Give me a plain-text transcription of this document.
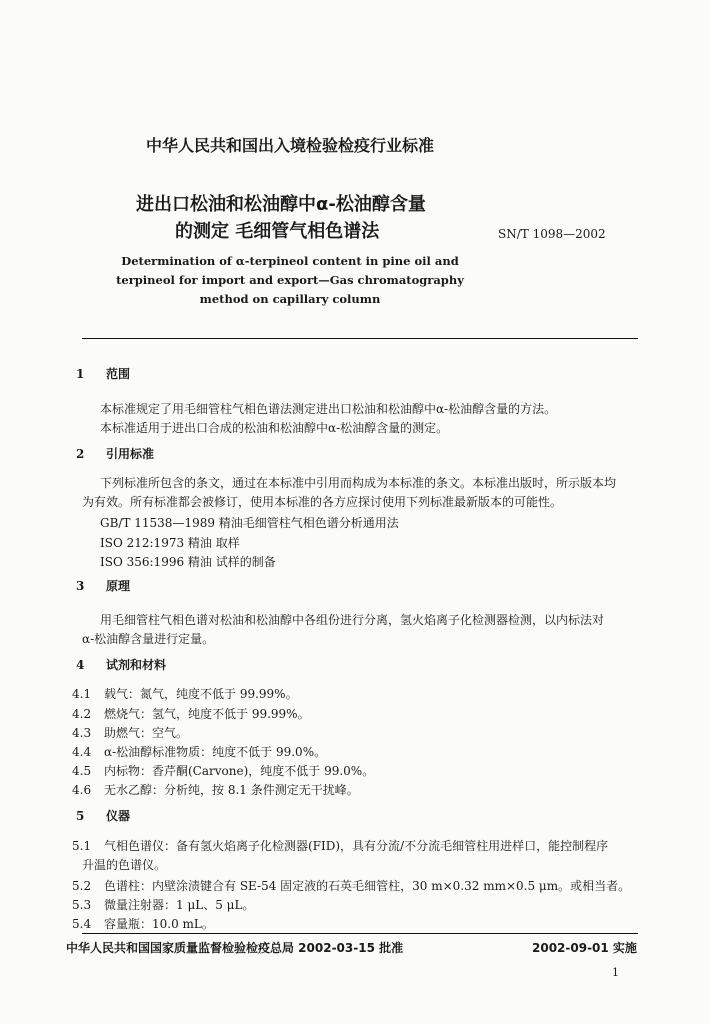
中华人民共和国出入境检验检疫行业标准
进出口松油和松油醇中α-松油醇含量
的测定 毛细管气相色谱法	SN/T 1098—2002
Determination of α-terpineol content in pine oil and
terpineol for import and export—Gas chromatography
method on capillary column
1 范围
本标准规定了用毛细管柱气相色谱法测定进出口松油和松油醇中α-松油醇含量的方法。
本标准适用于进出口合成的松油和松油醇中α-松油醇含量的测定。
2 引用标准
下列标准所包含的条文，通过在本标准中引用而构成为本标准的条文。本标准出版时，所示版本均
为有效。所有标准都会被修订，使用本标准的各方应探讨使用下列标准最新版本的可能性。
GB/T 11538—1989 精油毛细管柱气相色谱分析通用法
ISO 212:1973 精油 取样
ISO 356:1996 精油 试样的制备
3 原理
用毛细管柱气相色谱对松油和松油醇中各组份进行分离，氢火焰离子化检测器检测，以内标法对
α-松油醇含量进行定量。
4 试剂和材料
4.1 载气：氮气，纯度不低于 99.99%。
4.2 燃烧气：氢气，纯度不低于 99.99%。
4.3 助燃气：空气。
4.4 α-松油醇标准物质：纯度不低于 99.0%。
4.5 内标物：香芹酮(Carvone)，纯度不低于 99.0%。
4.6 无水乙醇：分析纯，按 8.1 条件测定无干扰峰。
5 仪器
5.1 气相色谱仪：备有氢火焰离子化检测器(FID)，具有分流/不分流毛细管柱用进样口，能控制程序
升温的色谱仪。
5.2 色谱柱：内壁涂渍键合有 SE-54 固定液的石英毛细管柱，30 m×0.32 mm×0.5 μm。或相当者。
5.3 微量注射器：1 μL、5 μL。
5.4 容量瓶：10.0 mL。
中华人民共和国国家质量监督检验检疫总局 2002-03-15 批准	2002-09-01 实施
1
